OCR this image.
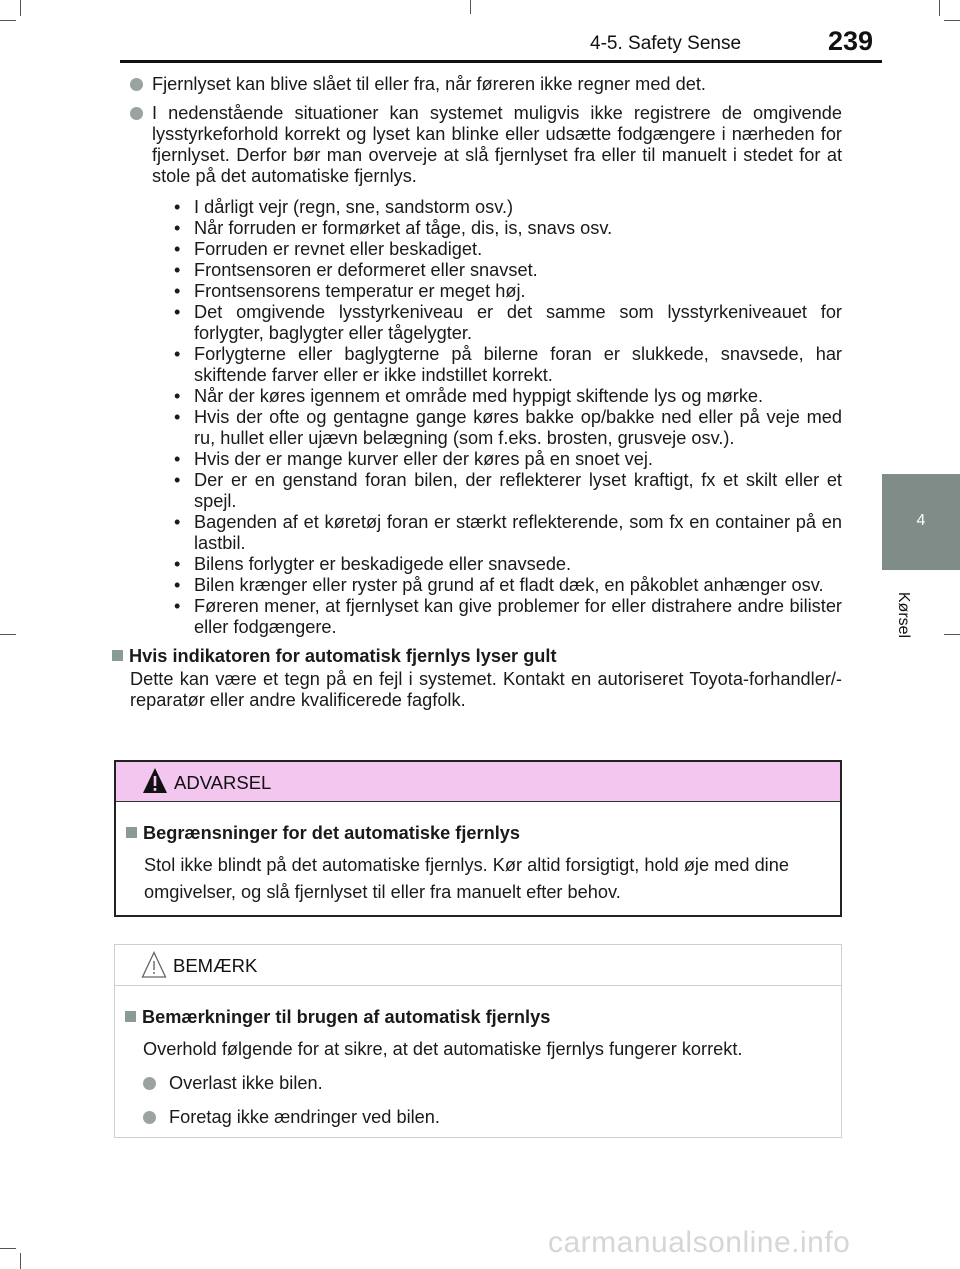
4-5. Safety Sense	239
4
Kørsel
Fjernlyset kan blive slået til eller fra, når føreren ikke regner med det.
I nedenstående situationer kan systemet muligvis ikke registrere de omgivende lysstyrkeforhold korrekt og lyset kan blinke eller udsætte fodgængere i nærheden for fjernlyset. Derfor bør man overveje at slå fjernlyset fra eller til manuelt i stedet for at stole på det automatiske fjernlys.
• I dårligt vejr (regn, sne, sandstorm osv.)
• Når forruden er formørket af tåge, dis, is, snavs osv.
• Forruden er revnet eller beskadiget.
• Frontsensoren er deformeret eller snavset.
• Frontsensorens temperatur er meget høj.
• Det omgivende lysstyrkeniveau er det samme som lysstyrkeniveauet for forlygter, baglygter eller tågelygter.
• Forlygterne eller baglygterne på bilerne foran er slukkede, snavsede, har skiftende farver eller er ikke indstillet korrekt.
• Når der køres igennem et område med hyppigt skiftende lys og mørke.
• Hvis der ofte og gentagne gange køres bakke op/bakke ned eller på veje med ru, hullet eller ujævn belægning (som f.eks. brosten, grusveje osv.).
• Hvis der er mange kurver eller der køres på en snoet vej.
• Der er en genstand foran bilen, der reflekterer lyset kraftigt, fx et skilt eller et spejl.
• Bagenden af et køretøj foran er stærkt reflekterende, som fx en container på en lastbil.
• Bilens forlygter er beskadigede eller snavsede.
• Bilen krænger eller ryster på grund af et fladt dæk, en påkoblet anhænger osv.
• Føreren mener, at fjernlyset kan give problemer for eller distrahere andre bilister eller fodgængere.
Hvis indikatoren for automatisk fjernlys lyser gult
Dette kan være et tegn på en fejl i systemet. Kontakt en autoriseret Toyota-forhandler/-reparatør eller andre kvalificerede fagfolk.
ADVARSEL
Begrænsninger for det automatiske fjernlys
Stol ikke blindt på det automatiske fjernlys. Kør altid forsigtigt, hold øje med dine omgivelser, og slå fjernlyset til eller fra manuelt efter behov.
BEMÆRK
Bemærkninger til brugen af automatisk fjernlys
Overhold følgende for at sikre, at det automatiske fjernlys fungerer korrekt.
Overlast ikke bilen.
Foretag ikke ændringer ved bilen.
carmanualsonline.info
